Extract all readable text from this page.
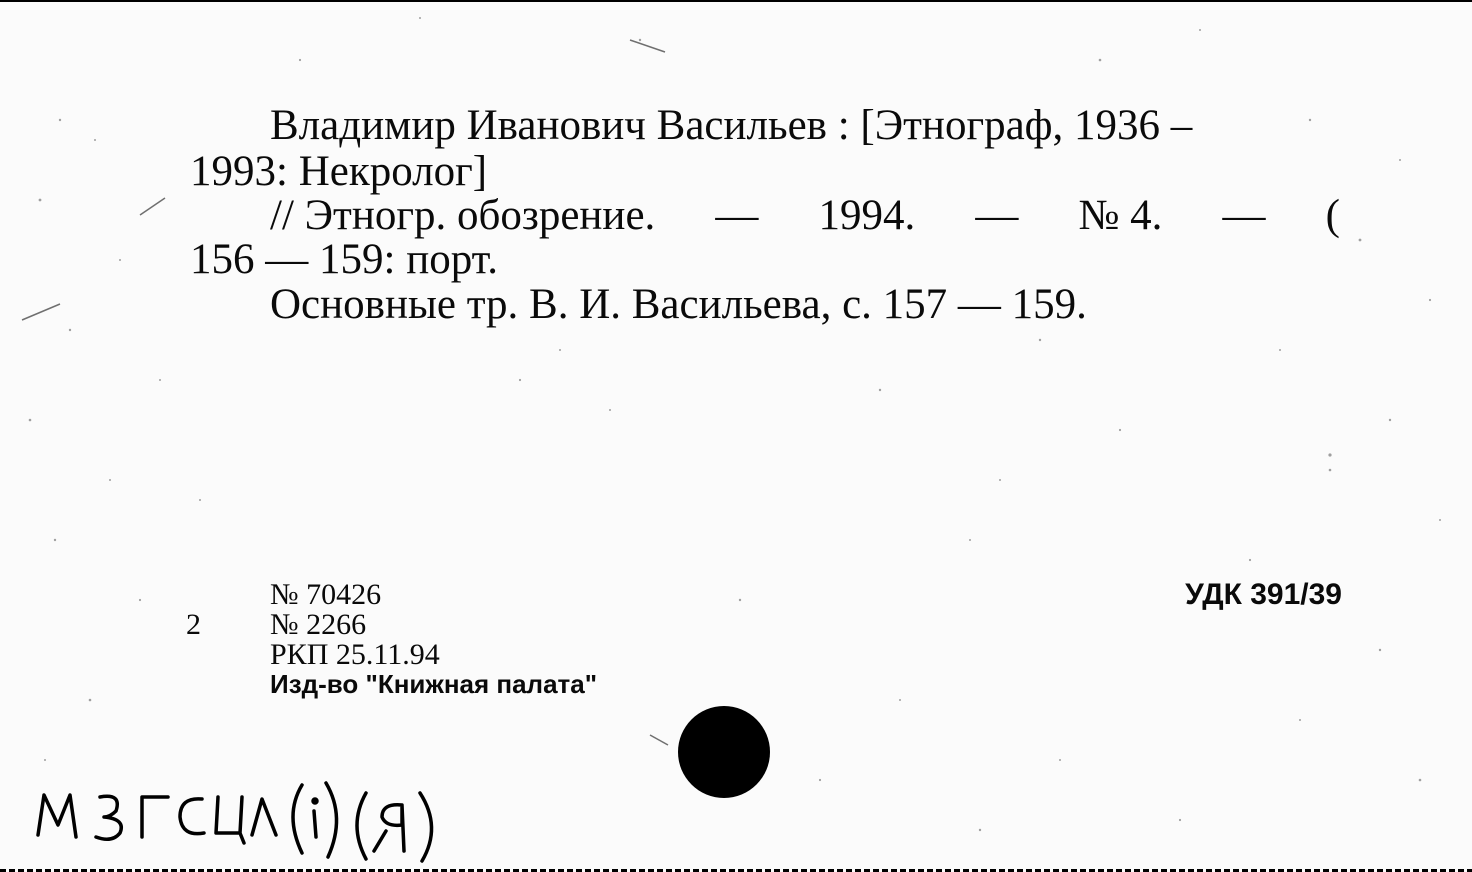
Владимир Иванович Васильев : [Этнограф, 1936 –
1993: Некролог]
// Этногр. обозрение. — 1994. — № 4. — (
156 — 159: порт.
Основные тр. В. И. Васильева, с. 157 — 159.
2
№ 70426
№ 2266
РКП 25.11.94
Изд-во "Книжная палата"
УДК 391/39
